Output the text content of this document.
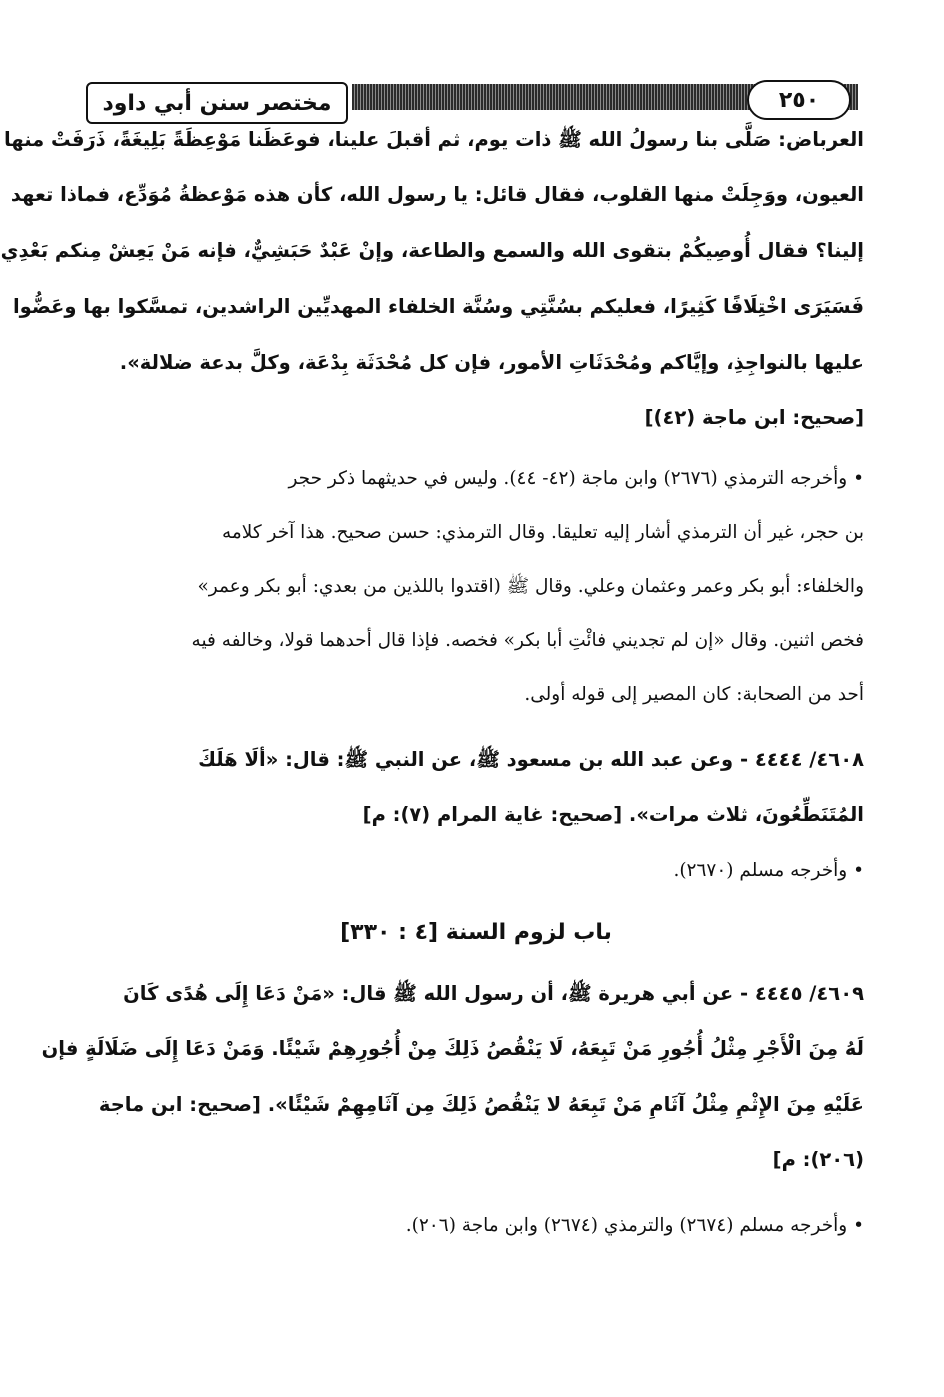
مختصر سنن أبي داود	٢٥٠
العرباض: صَلَّى بنا رسولُ الله ﷺ ذات يوم، ثم أقبلَ علينا، فوعَظَنا مَوْعِظَةً بَلِيغَةً، ذَرَفَتْ منها
العيون، ووَجِلَتْ منها القلوب، فقال قائل: يا رسول الله، كأن هذه مَوْعظةُ مُوَدِّع، فماذا تعهد
إلينا؟ فقال أُوصِيكُمْ بتقوى الله والسمع والطاعة، وإنْ عَبْدٌ حَبَشِيٌّ، فإنه مَنْ يَعِشْ مِنكم بَعْدِي
فَسَيَرَى اخْتِلَافًا كَثِيرًا، فعليكم بسُنَّتِي وسُنَّة الخلفاء المهديِّين الراشدين، تمسَّكوا بها وعَضُّوا
عليها بالنواجِذِ، وإيَّاكم ومُحْدَثَاتِ الأمور، فإن كل مُحْدَثَة بِدْعَة، وكلَّ بدعة ضلالة».
[صحيح: ابن ماجة (٤٢)]
• وأخرجه الترمذي (٢٦٧٦) وابن ماجة (٤٢- ٤٤). وليس في حديثهما ذكر حجر
بن حجر، غير أن الترمذي أشار إليه تعليقا. وقال الترمذي: حسن صحيح. هذا آخر كلامه
والخلفاء: أبو بكر وعمر وعثمان وعلي. وقال ﷺ (اقتدوا باللذين من بعدي: أبو بكر وعمر»
فخص اثنين. وقال «إن لم تجديني فائْتِ أبا بكر» فخصه. فإذا قال أحدهما قولا، وخالفه فيه
أحد من الصحابة: كان المصير إلى قوله أولى.
٤٦٠٨/ ٤٤٤٤ - وعن عبد الله بن مسعود ﷺ، عن النبي ﷺ: قال: «ألَا هَلَكَ
المُتَنَطِّعُونَ، ثلاث مرات». [صحيح: غاية المرام (٧): م]
• وأخرجه مسلم (٢٦٧٠).
باب لزوم السنة [٤ : ٣٣٠]
٤٦٠٩/ ٤٤٤٥ - عن أبي هريرة ﷺ، أن رسول الله ﷺ قال: «مَنْ دَعَا إِلَى هُدًى كَانَ
لَهُ مِنَ الْأَجْرِ مِثْلُ أُجُورِ مَنْ تَبِعَهُ، لَا يَنْقُصُ ذَلِكَ مِنْ أُجُورِهِمْ شَيْئًا. وَمَنْ دَعَا إِلَى ضَلَالَةٍ فإن
عَلَيْهِ مِنَ الإِثْمِ مِثْلُ آثَامِ مَنْ تَبِعَهُ لا يَنْقُصُ ذَلِكَ مِن آثَامِهِمْ شَيْئًا». [صحيح: ابن ماجة
(٢٠٦): م]
• وأخرجه مسلم (٢٦٧٤) والترمذي (٢٦٧٤) وابن ماجة (٢٠٦).
